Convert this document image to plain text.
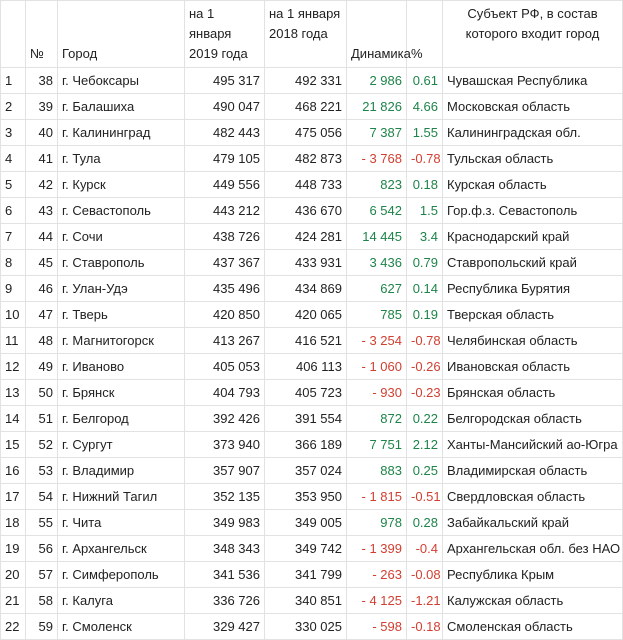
	№	Город	на 1 января 2019 года	на 1 января 2018 года	Динамика	%	Субъект РФ, в состав которого входит город
1	38	г. Чебоксары	495 317	492 331	2 986	0.61	Чувашская Республика
2	39	г. Балашиха	490 047	468 221	21 826	4.66	Московская область
3	40	г. Калининград	482 443	475 056	7 387	1.55	Калининградская обл.
4	41	г. Тула	479 105	482 873	- 3 768	-0.78	Тульская область
5	42	г. Курск	449 556	448 733	823	0.18	Курская область
6	43	г. Севастополь	443 212	436 670	6 542	1.5	Гор.ф.з. Севастополь
7	44	г. Сочи	438 726	424 281	14 445	3.4	Краснодарский край
8	45	г. Ставрополь	437 367	433 931	3 436	0.79	Ставропольский край
9	46	г. Улан-Удэ	435 496	434 869	627	0.14	Республика Бурятия
10	47	г. Тверь	420 850	420 065	785	0.19	Тверская область
11	48	г. Магнитогорск	413 267	416 521	- 3 254	-0.78	Челябинская область
12	49	г. Иваново	405 053	406 113	- 1 060	-0.26	Ивановская область
13	50	г. Брянск	404 793	405 723	- 930	-0.23	Брянская область
14	51	г. Белгород	392 426	391 554	872	0.22	Белгородская область
15	52	г. Сургут	373 940	366 189	7 751	2.12	Ханты-Мансийский ао-Югра
16	53	г. Владимир	357 907	357 024	883	0.25	Владимирская область
17	54	г. Нижний Тагил	352 135	353 950	- 1 815	-0.51	Свердловская область
18	55	г. Чита	349 983	349 005	978	0.28	Забайкальский край
19	56	г. Архангельск	348 343	349 742	- 1 399	-0.4	Архангельская обл. без НАО
20	57	г. Симферополь	341 536	341 799	- 263	-0.08	Республика Крым
21	58	г. Калуга	336 726	340 851	- 4 125	-1.21	Калужская область
22	59	г. Смоленск	329 427	330 025	- 598	-0.18	Смоленская область
